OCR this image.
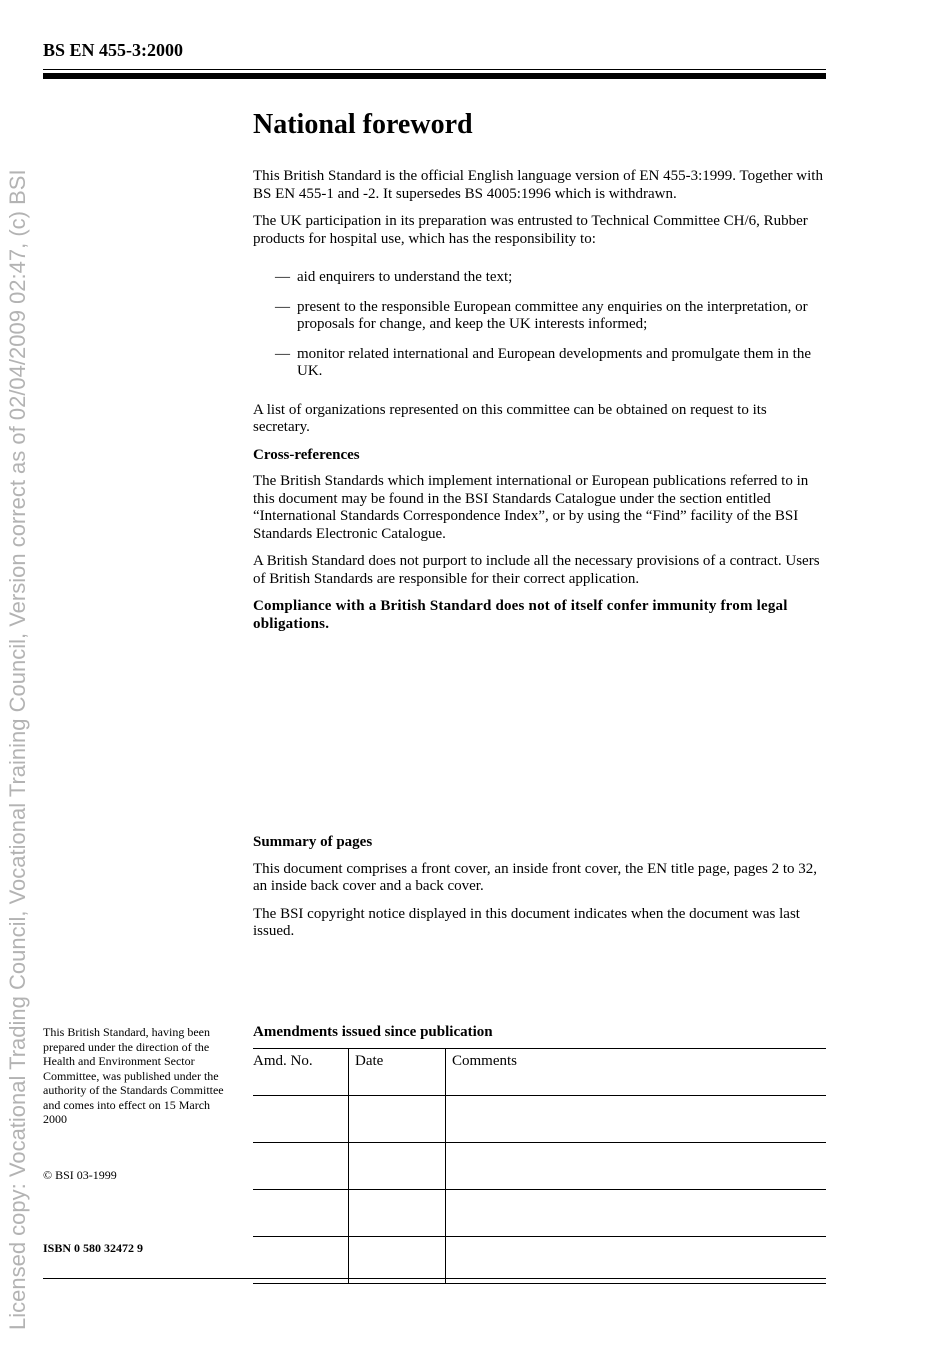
Licensed copy: Vocational Trading Council, Vocational Training Council, Version correct as of 02/04/2009 02:47, (c) BSI
BS EN 455-3:2000
National foreword

This British Standard is the official English language version of EN 455-3:1999. Together with BS EN 455-1 and -2. It supersedes BS 4005:1996 which is withdrawn.

The UK participation in its preparation was entrusted to Technical Committee CH/6, Rubber products for hospital use, which has the responsibility to:

— aid enquirers to understand the text;
— present to the responsible European committee any enquiries on the interpretation, or proposals for change, and keep the UK interests informed;
— monitor related international and European developments and promulgate them in the UK.

A list of organizations represented on this committee can be obtained on request to its secretary.

Cross-references

The British Standards which implement international or European publications referred to in this document may be found in the BSI Standards Catalogue under the section entitled “International Standards Correspondence Index”, or by using the “Find” facility of the BSI Standards Electronic Catalogue.

A British Standard does not purport to include all the necessary provisions of a contract. Users of British Standards are responsible for their correct application.

Compliance with a British Standard does not of itself confer immunity from legal obligations.

Summary of pages

This document comprises a front cover, an inside front cover, the EN title page, pages 2 to 32, an inside back cover and a back cover.

The BSI copyright notice displayed in this document indicates when the document was last issued.

This British Standard, having been prepared under the direction of the Health and Environment Sector Committee, was published under the authority of the Standards Committee and comes into effect on 15 March 2000
© BSI 03-1999
ISBN 0 580 32472 9
Amendments issued since publication
Amd. No.	Date	Comments
